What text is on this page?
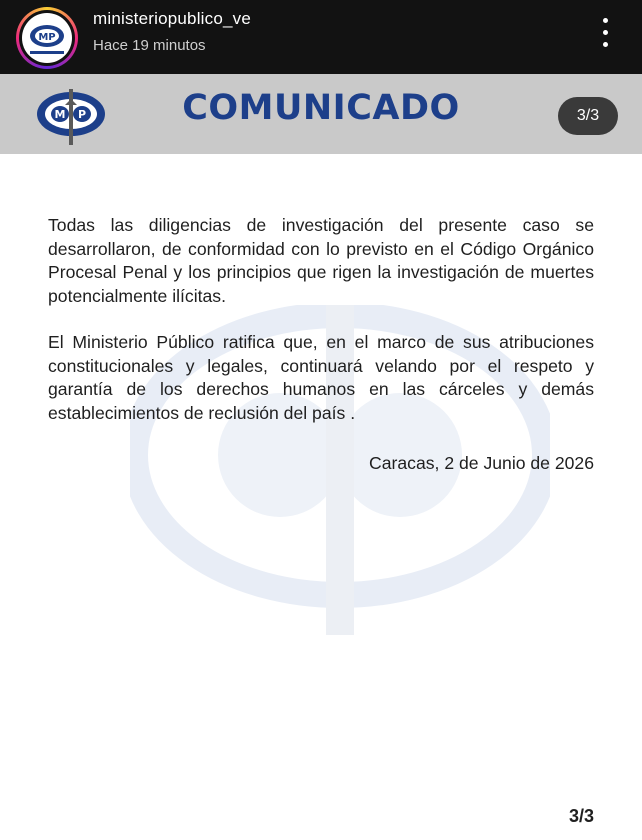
MP
ministeriopublico_ve
Hace 19 minutos
M P	COMUNICADO	3/3

Todas las diligencias de investigación del presente caso se desarrollaron, de conformidad con lo previsto en el Código Orgánico Procesal Penal y los principios que rigen la investigación de muertes potencialmente ilícitas.

El Ministerio Público ratifica que, en el marco de sus atribuciones constitucionales y legales, continuará velando por el respeto y garantía de los derechos humanos en las cárceles y demás establecimientos de reclusión del país .

Caracas, 2 de Junio de 2026
3/3
